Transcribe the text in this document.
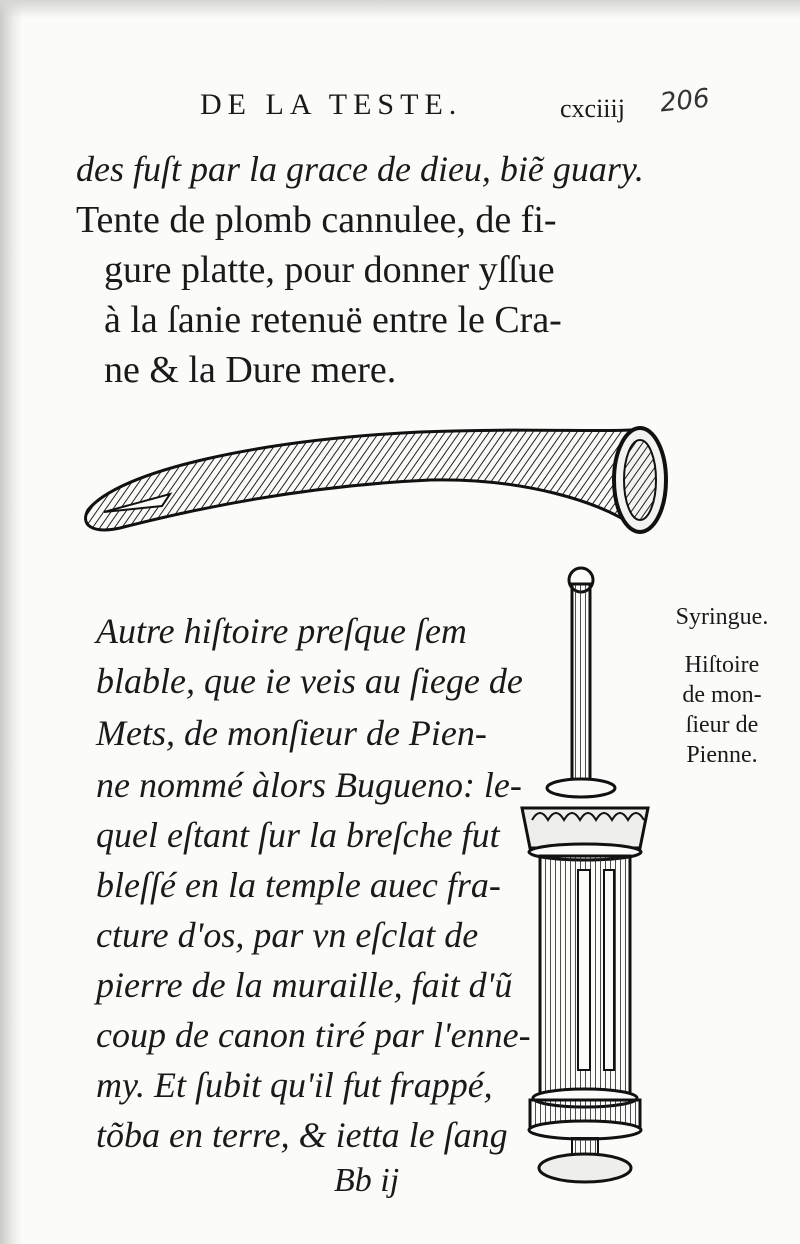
DE LA TESTE.	cxciiij 206
des fuſt par la grace de dieu, biẽ guary.
Tente de plomb cannulee, de fi-
gure platte, pour donner yſſue
à la ſanie retenuë entre le Cra-
ne & la Dure mere.
Autre hiſtoire preſque ſem
blable, que ie veis au ſiege de
Mets, de monſieur de Pien-
ne nommé àlors Bugueno: le-
quel eſtant ſur la breſche fut
bleſſé en la temple auec fra-
cture d'os, par vn eſclat de
pierre de la muraille, fait d'ũ
coup de canon tiré par l'enne-
my. Et ſubit qu'il fut frappé,
tõba en terre, & ietta le ſang
Syringue.
Hiſtoire
de mon-
ſieur de
Pienne.
Bb ij
